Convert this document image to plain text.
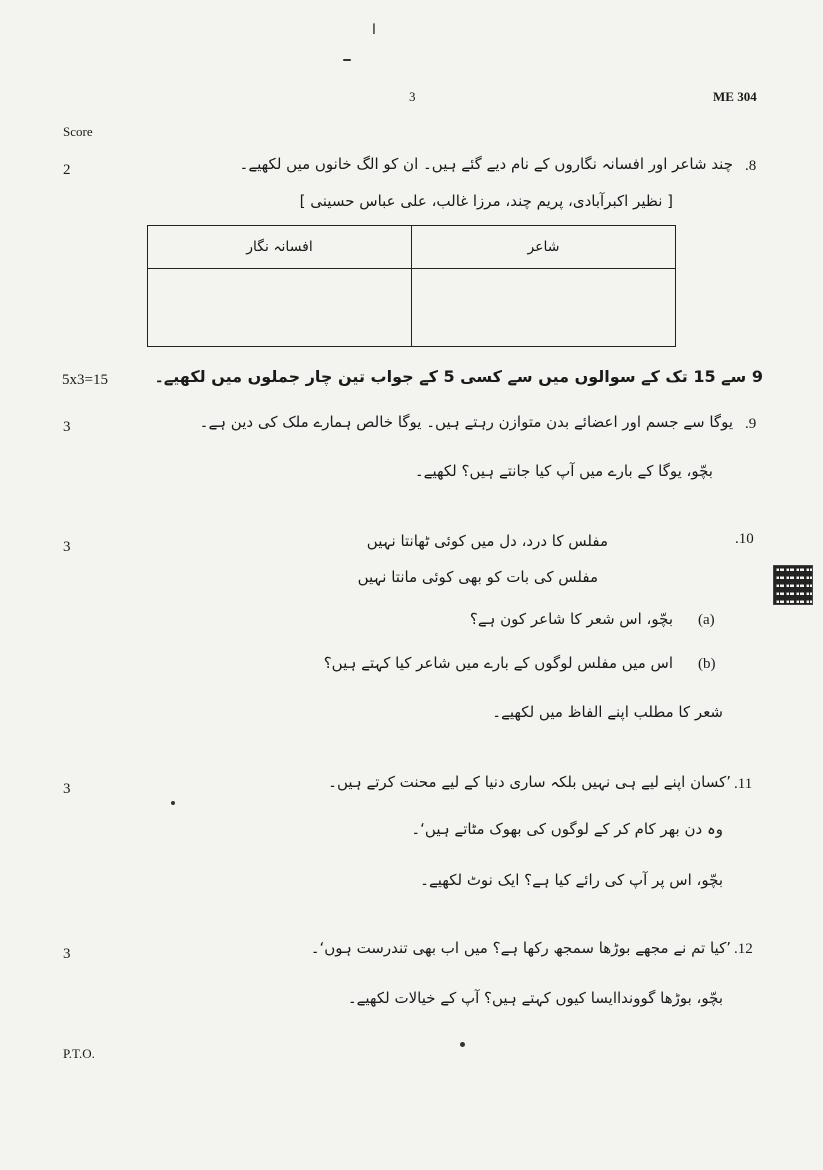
ا
3	ME 304
Score
2	.8
چند شاعر اور افسانہ نگاروں کے نام دیے گئے ہیں۔ ان کو الگ خانوں میں لکھیے۔
[ نظیر اکبرآبادی، پریم چند، مرزا غالب، علی عباس حسینی ]
افسانہ نگار	شاعر

5x3=15	9 سے 15 تک کے سوالوں میں سے کسی 5 کے جواب تین چار جملوں میں لکھیے۔
3	.9
یوگا سے جسم اور اعضائے بدن متوازن رہتے ہیں۔ یوگا خالص ہمارے ملک کی دین ہے۔
بچّو، یوگا کے بارے میں آپ کیا جانتے ہیں؟ لکھیے۔
3	.10
مفلس کا درد، دل میں کوئی ٹھانتا نہیں
مفلس کی بات کو بھی کوئی مانتا نہیں
(a)
بچّو، اس شعر کا شاعر کون ہے؟
(b)
اس میں مفلس لوگوں کے بارے میں شاعر کیا کہتے ہیں؟
شعر کا مطلب اپنے الفاظ میں لکھیے۔
3	.11
’کسان اپنے لیے ہی نہیں بلکہ ساری دنیا کے لیے محنت کرتے ہیں۔
وہ دن بھر کام کر کے لوگوں کی بھوک مٹاتے ہیں‘۔
بچّو، اس پر آپ کی رائے کیا ہے؟ ایک نوٹ لکھیے۔
3	.12
’کیا تم نے مجھے بوڑھا سمجھ رکھا ہے؟ میں اب بھی تندرست ہوں‘۔
بچّو، بوڑھا گوونداایسا کیوں کہتے ہیں؟ آپ کے خیالات لکھیے۔
P.T.O.
